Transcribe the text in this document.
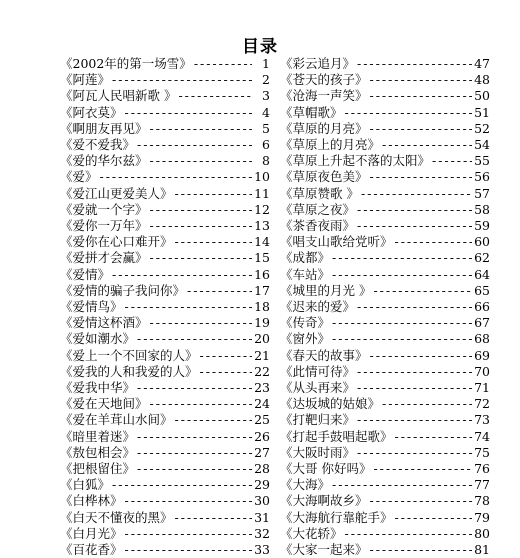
目录
《2002年的第一场雪》 - - -	1
《阿莲》 - - -	2
《阿瓦人民唱新歌 》 - - -	3
《阿衣莫》 - - -	4
《啊朋友再见》 - - -	5
《爱不爱我》 - - -	6
《爱的华尔兹》 - - -	8
《爱》 - - -	10
《爱江山更爱美人》 - - -	11
《爱就一个字》 - - -	12
《爱你一万年》 - - -	13
《爱你在心口难开》 - - -	14
《爱拼才会赢》 - - -	15
《爱情》 - - -	16
《爱情的骗子我问你》 - - -	17
《爱情鸟》 - - -	18
《爱情这杯酒》 - - -	19
《爱如潮水》 - - -	20
《爱上一个不回家的人》 - - -	21
《爱我的人和我爱的人》 - - -	22
《爱我中华》 - - -	23
《爱在天地间》 - - -	24
《爱在羊茸山水间》 - - -	25
《暗里着迷》 - - -	26
《敖包相会》 - - -	27
《把根留住》 - - -	28
《白狐》 - - -	29
《白桦林》 - - -	30
《白天不懂夜的黑》 - - -	31
《白月光》 - - -	32
《百花香》 - - -	33
《彩云追月》 - - -	47
《苍天的孩子》 - - -	48
《沧海一声笑》 - - -	50
《草帽歌》 - - -	51
《草原的月亮》 - - -	52
《草原上的月亮》 - - -	54
《草原上升起不落的太阳》 - - -	55
《草原夜色美》 - - -	56
《草原赞歌 》 - - -	57
《草原之夜》 - - -	58
《茶香夜雨》 - - -	59
《唱支山歌给党听》 - - -	60
《成都》 - - -	62
《车站》 - - -	64
《城里的月光 》 - - -	65
《迟来的爱》 - - -	66
《传奇》 - - -	67
《窗外》 - - -	68
《春天的故事》 - - -	69
《此情可待》 - - -	70
《从头再来》 - - -	71
《达坂城的姑娘》 - - -	72
《打靶归来》 - - -	73
《打起手鼓唱起歌》 - - -	74
《大阪时雨》 - - -	75
《大哥 你好吗》 - - -	76
《大海》 - - -	77
《大海啊故乡》 - - -	78
《大海航行靠舵手》 - - -	79
《大花轿》 - - -	80
《大家一起来》 - - -	81
